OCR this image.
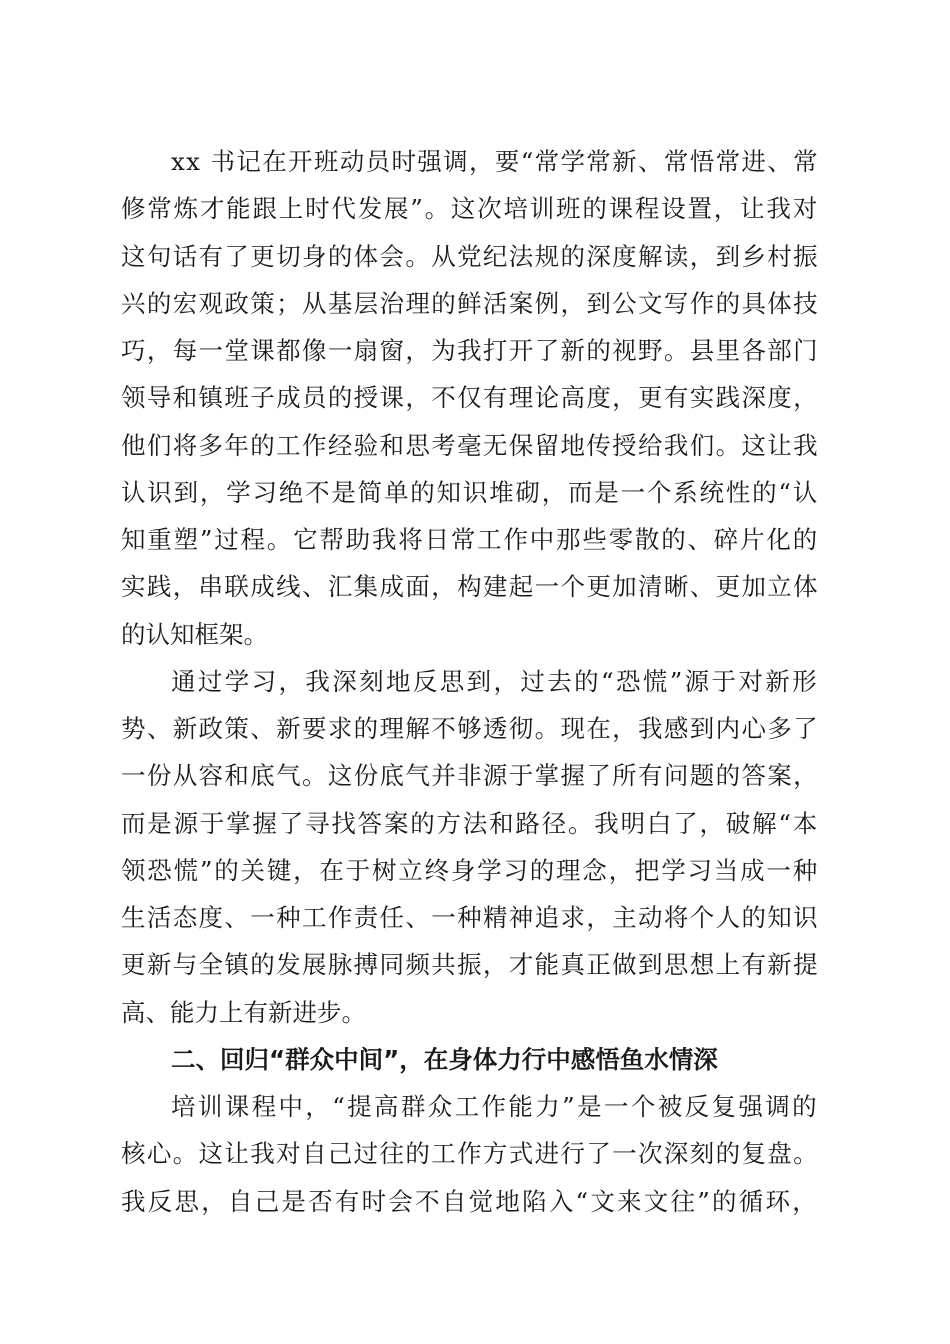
xx 书记在开班动员时强调，要“常学常新、常悟常进、常
修常炼才能跟上时代发展”。这次培训班的课程设置，让我对
这句话有了更切身的体会。从党纪法规的深度解读，到乡村振
兴的宏观政策；从基层治理的鲜活案例，到公文写作的具体技
巧，每一堂课都像一扇窗，为我打开了新的视野。县里各部门
领导和镇班子成员的授课，不仅有理论高度，更有实践深度，
他们将多年的工作经验和思考毫无保留地传授给我们。这让我
认识到，学习绝不是简单的知识堆砌，而是一个系统性的“认
知重塑”过程。它帮助我将日常工作中那些零散的、碎片化的
实践，串联成线、汇集成面，构建起一个更加清晰、更加立体
的认知框架。
通过学习，我深刻地反思到，过去的“恐慌”源于对新形
势、新政策、新要求的理解不够透彻。现在，我感到内心多了
一份从容和底气。这份底气并非源于掌握了所有问题的答案，
而是源于掌握了寻找答案的方法和路径。我明白了，破解“本
领恐慌”的关键，在于树立终身学习的理念，把学习当成一种
生活态度、一种工作责任、一种精神追求，主动将个人的知识
更新与全镇的发展脉搏同频共振，才能真正做到思想上有新提
高、能力上有新进步。
二、回归“群众中间”，在身体力行中感悟鱼水情深
培训课程中，“提高群众工作能力”是一个被反复强调的
核心。这让我对自己过往的工作方式进行了一次深刻的复盘。
我反思，自己是否有时会不自觉地陷入“文来文往”的循环，
